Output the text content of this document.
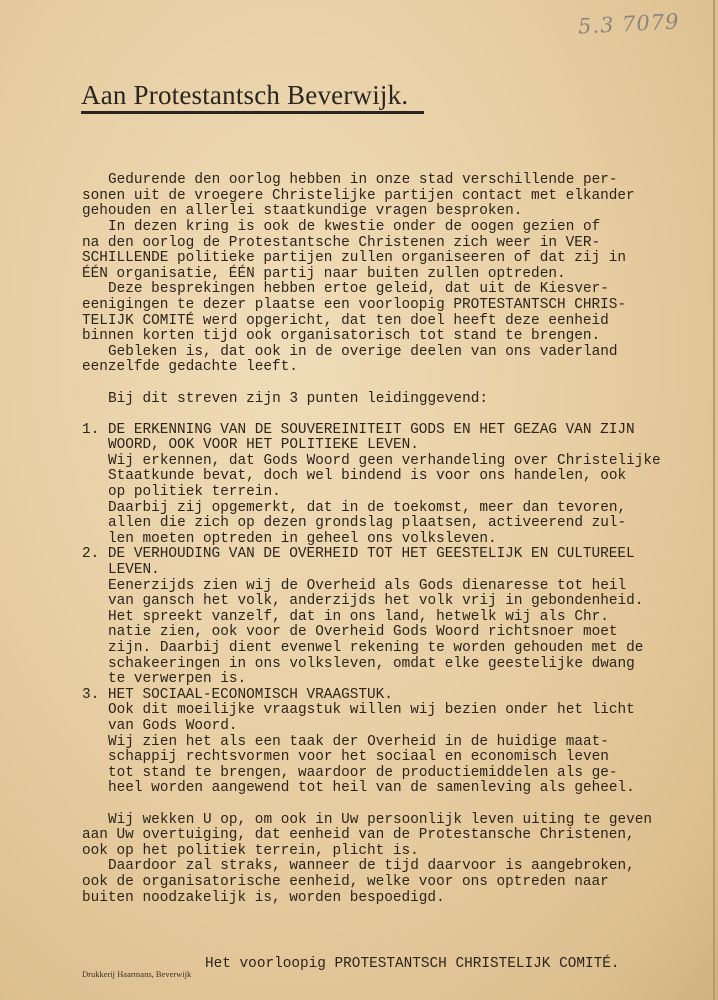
5.3 7079
Aan Protestantsch Beverwijk.

Gedurende den oorlog hebben in onze stad verschillende per-
sonen uit de vroegere Christelijke partijen contact met elkander
gehouden en allerlei staatkundige vragen besproken.
In dezen kring is ook de kwestie onder de oogen gezien of
na den oorlog de Protestantsche Christenen zich weer in VER-
SCHILLENDE politieke partijen zullen organiseeren of dat zij in
ÉÉN organisatie, ÉÉN partij naar buiten zullen optreden.
Deze besprekingen hebben ertoe geleid, dat uit de Kiesver-
eenigingen te dezer plaatse een voorloopig PROTESTANTSCH CHRIS-
TELIJK COMITÉ werd opgericht, dat ten doel heeft deze eenheid
binnen korten tijd ook organisatorisch tot stand te brengen.
Gebleken is, dat ook in de overige deelen van ons vaderland
eenzelfde gedachte leeft.
Bij dit streven zijn 3 punten leidinggevend:
1. DE ERKENNING VAN DE SOUVEREINITEIT GODS EN HET GEZAG VAN ZIJN
WOORD, OOK VOOR HET POLITIEKE LEVEN.
Wij erkennen, dat Gods Woord geen verhandeling over Christelijke
Staatkunde bevat, doch wel bindend is voor ons handelen, ook
op politiek terrein.
Daarbij zij opgemerkt, dat in de toekomst, meer dan tevoren,
allen die zich op dezen grondslag plaatsen, activeerend zul-
len moeten optreden in geheel ons volksleven.
2. DE VERHOUDING VAN DE OVERHEID TOT HET GEESTELIJK EN CULTUREEL
LEVEN.
Eenerzijds zien wij de Overheid als Gods dienaresse tot heil
van gansch het volk, anderzijds het volk vrij in gebondenheid.
Het spreekt vanzelf, dat in ons land, hetwelk wij als Chr.
natie zien, ook voor de Overheid Gods Woord richtsnoer moet
zijn. Daarbij dient evenwel rekening te worden gehouden met de
schakeeringen in ons volksleven, omdat elke geestelijke dwang
te verwerpen is.
3. HET SOCIAAL-ECONOMISCH VRAAGSTUK.
Ook dit moeilijke vraagstuk willen wij bezien onder het licht
van Gods Woord.
Wij zien het als een taak der Overheid in de huidige maat-
schappij rechtsvormen voor het sociaal en economisch leven
tot stand te brengen, waardoor de productiemiddelen als ge-
heel worden aangewend tot heil van de samenleving als geheel.
Wij wekken U op, om ook in Uw persoonlijk leven uiting te geven
aan Uw overtuiging, dat eenheid van de Protestansche Christenen,
ook op het politiek terrein, plicht is.
Daardoor zal straks, wanneer de tijd daarvoor is aangebroken,
ook de organisatorische eenheid, welke voor ons optreden naar
buiten noodzakelijk is, worden bespoedigd.

Het voorloopig PROTESTANTSCH CHRISTELIJK COMITÉ.

Drukkerij Haarmans, Beverwijk
